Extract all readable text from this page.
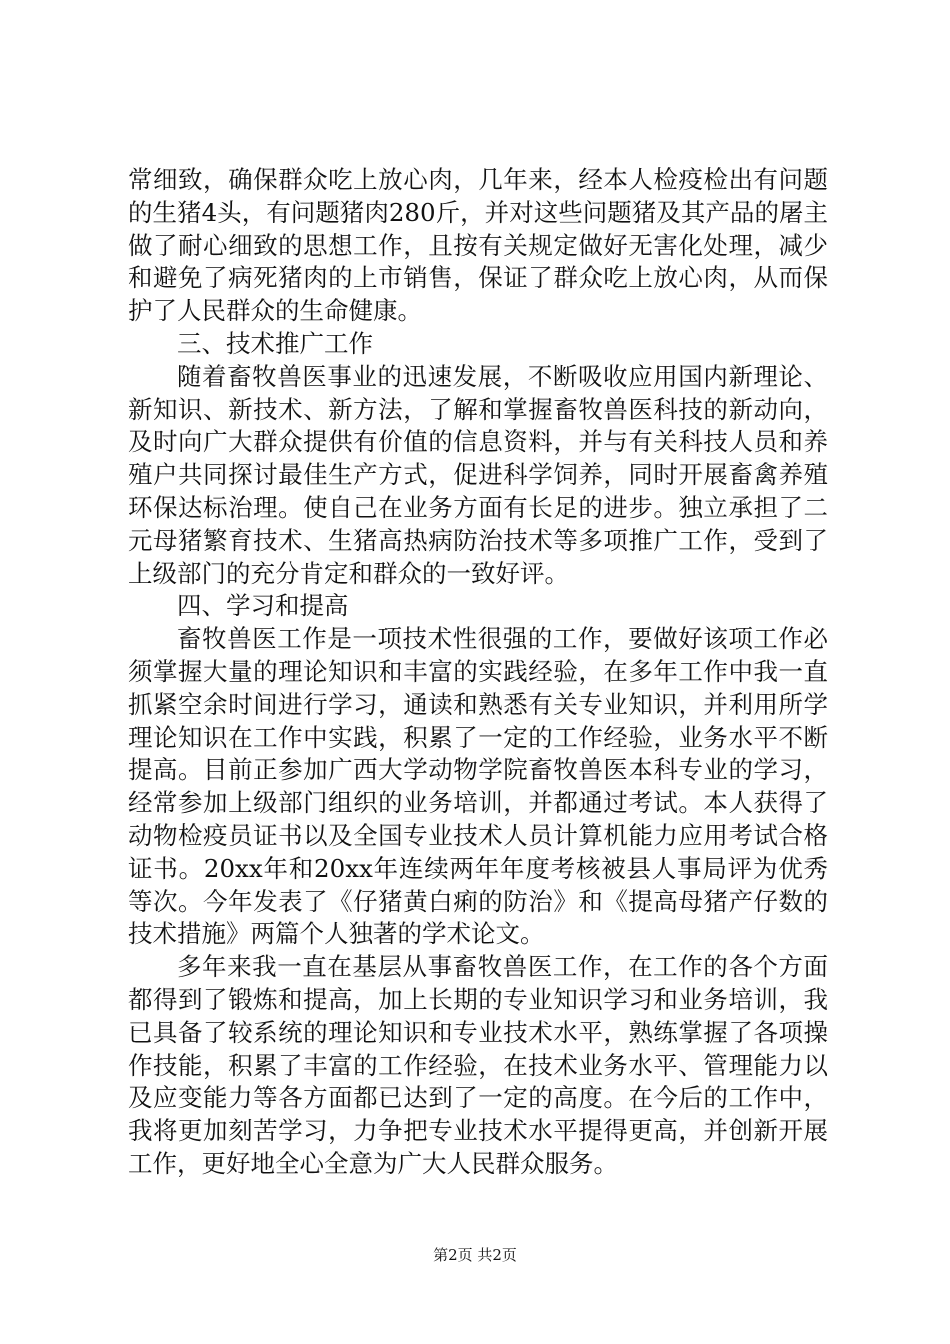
常细致，确保群众吃上放心肉，几年来，经本人检疫检出有问题的生猪4头，有问题猪肉280斤，并对这些问题猪及其产品的屠主做了耐心细致的思想工作，且按有关规定做好无害化处理，减少和避免了病死猪肉的上市销售，保证了群众吃上放心肉，从而保护了人民群众的生命健康。

三、技术推广工作

随着畜牧兽医事业的迅速发展，不断吸收应用国内新理论、新知识、新技术、新方法，了解和掌握畜牧兽医科技的新动向，及时向广大群众提供有价值的信息资料，并与有关科技人员和养殖户共同探讨最佳生产方式，促进科学饲养，同时开展畜禽养殖环保达标治理。使自己在业务方面有长足的进步。独立承担了二元母猪繁育技术、生猪高热病防治技术等多项推广工作，受到了上级部门的充分肯定和群众的一致好评。

四、学习和提高

畜牧兽医工作是一项技术性很强的工作，要做好该项工作必须掌握大量的理论知识和丰富的实践经验，在多年工作中我一直抓紧空余时间进行学习，通读和熟悉有关专业知识，并利用所学理论知识在工作中实践，积累了一定的工作经验，业务水平不断提高。目前正参加广西大学动物学院畜牧兽医本科专业的学习，经常参加上级部门组织的业务培训，并都通过考试。本人获得了动物检疫员证书以及全国专业技术人员计算机能力应用考试合格证书。20xx年和20xx年连续两年年度考核被县人事局评为优秀等次。今年发表了《仔猪黄白痢的防治》和《提高母猪产仔数的技术措施》两篇个人独著的学术论文。

多年来我一直在基层从事畜牧兽医工作，在工作的各个方面都得到了锻炼和提高，加上长期的专业知识学习和业务培训，我已具备了较系统的理论知识和专业技术水平，熟练掌握了各项操作技能，积累了丰富的工作经验，在技术业务水平、管理能力以及应变能力等各方面都已达到了一定的高度。在今后的工作中，我将更加刻苦学习，力争把专业技术水平提得更高，并创新开展工作，更好地全心全意为广大人民群众服务。

第2页 共2页
